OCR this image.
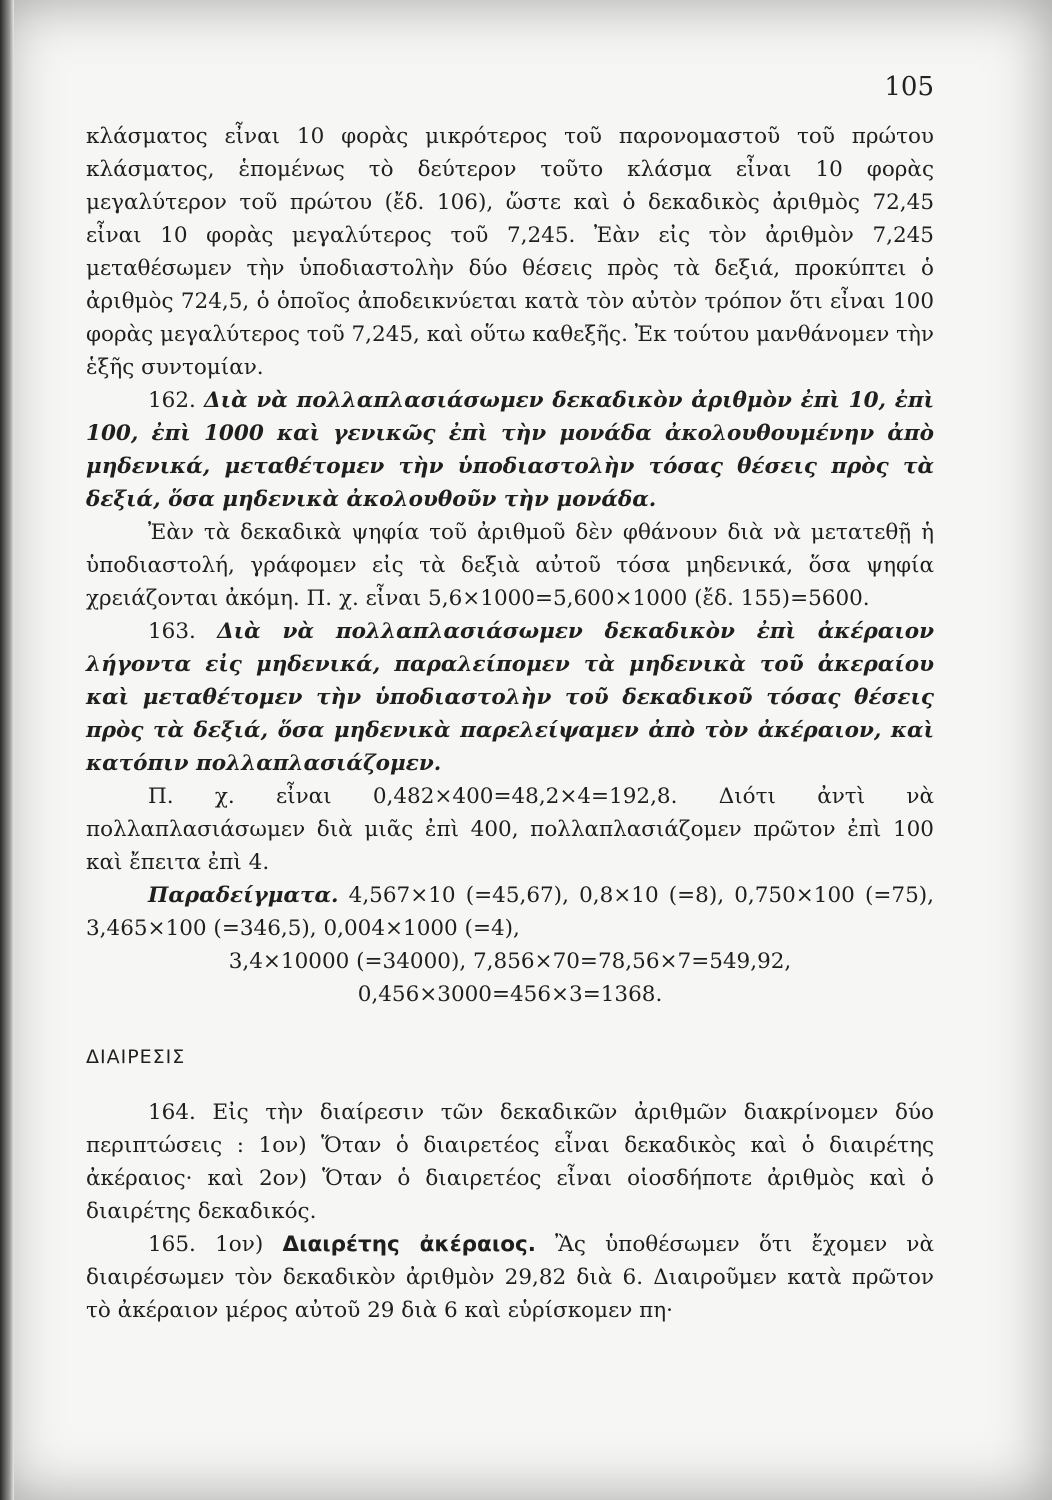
105

κλάσματος εἶναι 10 φορὰς μικρότερος τοῦ παρονομαστοῦ τοῦ πρώτου κλάσματος, ἑπομένως τὸ δεύτερον τοῦτο κλάσμα εἶναι 10 φορὰς μεγαλύτερον τοῦ πρώτου (ἔδ. 106), ὥστε καὶ ὁ δεκαδικὸς ἀριθμὸς 72,45 εἶναι 10 φορὰς μεγαλύτερος τοῦ 7,245. Ἐὰν εἰς τὸν ἀριθμὸν 7,245 μεταθέσωμεν τὴν ὑποδιαστολὴν δύο θέσεις πρὸς τὰ δεξιά, προκύπτει ὁ ἀριθμὸς 724,5, ὁ ὁποῖος ἀποδεικνύεται κατὰ τὸν αὐτὸν τρόπον ὅτι εἶναι 100 φορὰς μεγαλύτερος τοῦ 7,245, καὶ οὕτω καθεξῆς. Ἐκ τούτου μανθάνομεν τὴν ἑξῆς συντομίαν.

162. Διὰ νὰ πολλαπλασιάσωμεν δεκαδικὸν ἀριθμὸν ἐπὶ 10, ἐπὶ 100, ἐπὶ 1000 καὶ γενικῶς ἐπὶ τὴν μονάδα ἀκολουθουμένην ἀπὸ μηδενικά, μεταθέτομεν τὴν ὑποδιαστολὴν τόσας θέσεις πρὸς τὰ δεξιά, ὅσα μηδενικὰ ἀκολουθοῦν τὴν μονάδα.

Ἐὰν τὰ δεκαδικὰ ψηφία τοῦ ἀριθμοῦ δὲν φθάνουν διὰ νὰ μετατεθῇ ἡ ὑποδιαστολή, γράφομεν εἰς τὰ δεξιὰ αὐτοῦ τόσα μηδενικά, ὅσα ψηφία χρειάζονται ἀκόμη. Π. χ. εἶναι 5,6×1000=5,600×1000 (ἔδ. 155)=5600.

163. Διὰ νὰ πολλαπλασιάσωμεν δεκαδικὸν ἐπὶ ἀκέραιον λήγοντα εἰς μηδενικά, παραλείπομεν τὰ μηδενικὰ τοῦ ἀκεραίου καὶ μεταθέτομεν τὴν ὑποδιαστολὴν τοῦ δεκαδικοῦ τόσας θέσεις πρὸς τὰ δεξιά, ὅσα μηδενικὰ παρελείψαμεν ἀπὸ τὸν ἀκέραιον, καὶ κατόπιν πολλαπλασιάζομεν.

Π. χ. εἶναι 0,482×400=48,2×4=192,8. Διότι ἀντὶ νὰ πολλαπλασιάσωμεν διὰ μιᾶς ἐπὶ 400, πολλαπλασιάζομεν πρῶτον ἐπὶ 100 καὶ ἔπειτα ἐπὶ 4.

Παραδείγματα. 4,567×10 (=45,67), 0,8×10 (=8), 0,750×100 (=75), 3,465×100 (=346,5), 0,004×1000 (=4),

3,4×10000 (=34000), 7,856×70=78,56×7=549,92,

0,456×3000=456×3=1368.

ΔΙΑΙΡΕΣΙΣ

164. Εἰς τὴν διαίρεσιν τῶν δεκαδικῶν ἀριθμῶν διακρίνομεν δύο περιπτώσεις : 1ον) Ὅταν ὁ διαιρετέος εἶναι δεκαδικὸς καὶ ὁ διαιρέτης ἀκέραιος· καὶ 2ον) Ὅταν ὁ διαιρετέος εἶναι οἱοσδήποτε ἀριθμὸς καὶ ὁ διαιρέτης δεκαδικός.

165. 1ον) Διαιρέτης ἀκέραιος. Ἂς ὑποθέσωμεν ὅτι ἔχομεν νὰ διαιρέσωμεν τὸν δεκαδικὸν ἀριθμὸν 29,82 διὰ 6. Διαιροῦμεν κατὰ πρῶτον τὸ ἀκέραιον μέρος αὐτοῦ 29 διὰ 6 καὶ εὑρίσκομεν πη·
